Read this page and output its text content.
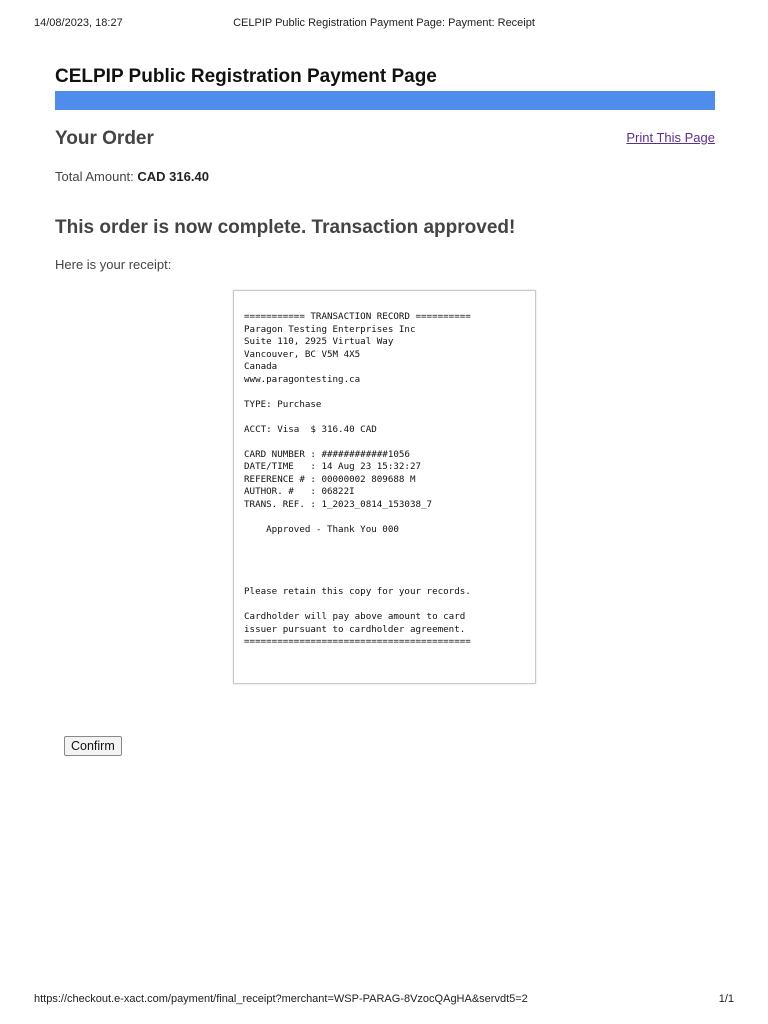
14/08/2023, 18:27	CELPIP Public Registration Payment Page: Payment: Receipt
CELPIP Public Registration Payment Page
Your Order	Print This Page
Total Amount: CAD 316.40
This order is now complete. Transaction approved!
Here is your receipt:
=========== TRANSACTION RECORD ==========
Paragon Testing Enterprises Inc
Suite 110, 2925 Virtual Way
Vancouver, BC V5M 4X5
Canada
www.paragontesting.ca

TYPE: Purchase

ACCT: Visa  $ 316.40 CAD

CARD NUMBER : ############1056
DATE/TIME   : 14 Aug 23 15:32:27
REFERENCE # : 00000002 809688 M
AUTHOR. #   : 06822I
TRANS. REF. : 1_2023_0814_153038_7

Approved - Thank You 000

Please retain this copy for your records.

Cardholder will pay above amount to card
issuer pursuant to cardholder agreement.
=========================================
Confirm
https://checkout.e-xact.com/payment/final_receipt?merchant=WSP-PARAG-8VzocQAgHA&servdt5=2	1/1
